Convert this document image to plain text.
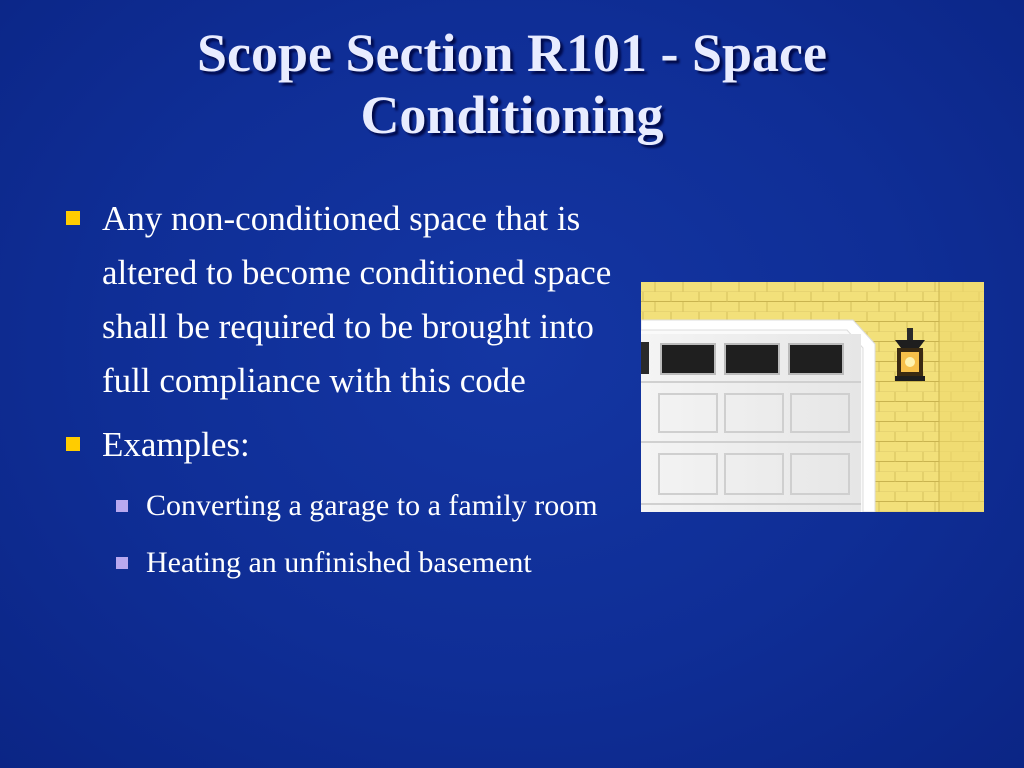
Scope Section R101 - Space Conditioning
Any non-conditioned space that is altered to become conditioned space shall be required to be brought into full compliance with this code
Examples:
Converting a garage to a family room
Heating an unfinished basement
